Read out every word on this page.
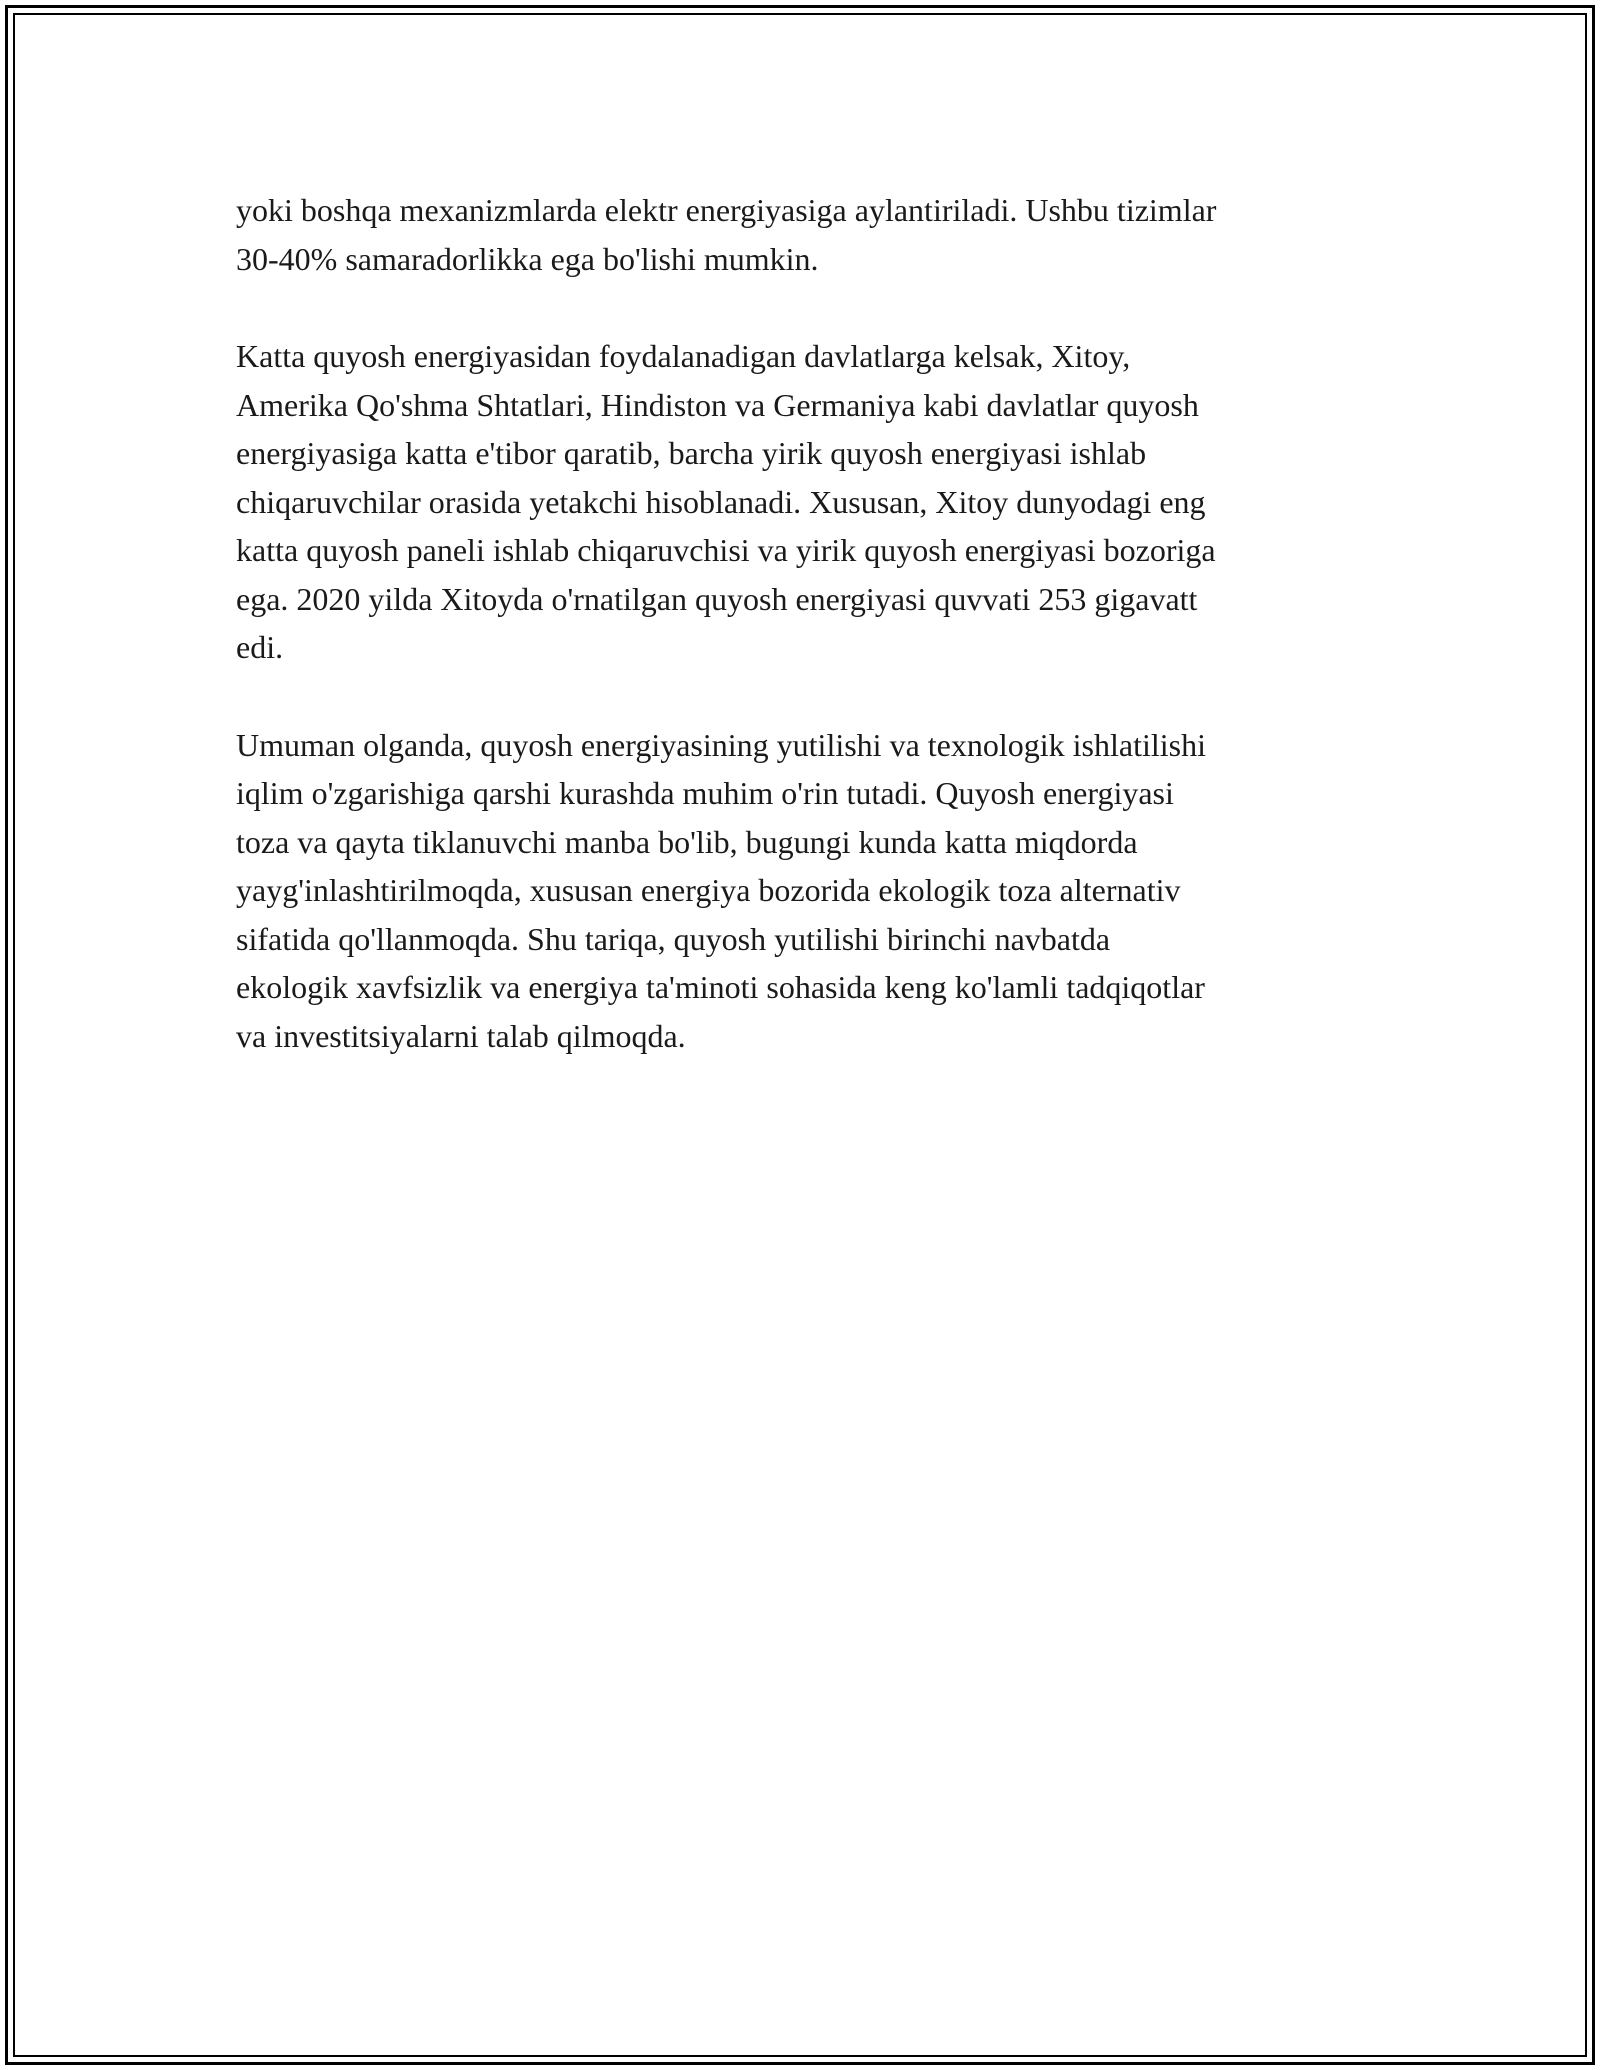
yoki boshqa mexanizmlarda elektr energiyasiga aylantiriladi. Ushbu tizimlar
30-40% samaradorlikka ega bo'lishi mumkin.

Katta quyosh energiyasidan foydalanadigan davlatlarga kelsak, Xitoy,
Amerika Qo'shma Shtatlari, Hindiston va Germaniya kabi davlatlar quyosh
energiyasiga katta e'tibor qaratib, barcha yirik quyosh energiyasi ishlab
chiqaruvchilar orasida yetakchi hisoblanadi. Xususan, Xitoy dunyodagi eng
katta quyosh paneli ishlab chiqaruvchisi va yirik quyosh energiyasi bozoriga
ega. 2020 yilda Xitoyda o'rnatilgan quyosh energiyasi quvvati 253 gigavatt
edi.

Umuman olganda, quyosh energiyasining yutilishi va texnologik ishlatilishi
iqlim o'zgarishiga qarshi kurashda muhim o'rin tutadi. Quyosh energiyasi
toza va qayta tiklanuvchi manba bo'lib, bugungi kunda katta miqdorda
yayg'inlashtirilmoqda, xususan energiya bozorida ekologik toza alternativ
sifatida qo'llanmoqda. Shu tariqa, quyosh yutilishi birinchi navbatda
ekologik xavfsizlik va energiya ta'minoti sohasida keng ko'lamli tadqiqotlar
va investitsiyalarni talab qilmoqda.
